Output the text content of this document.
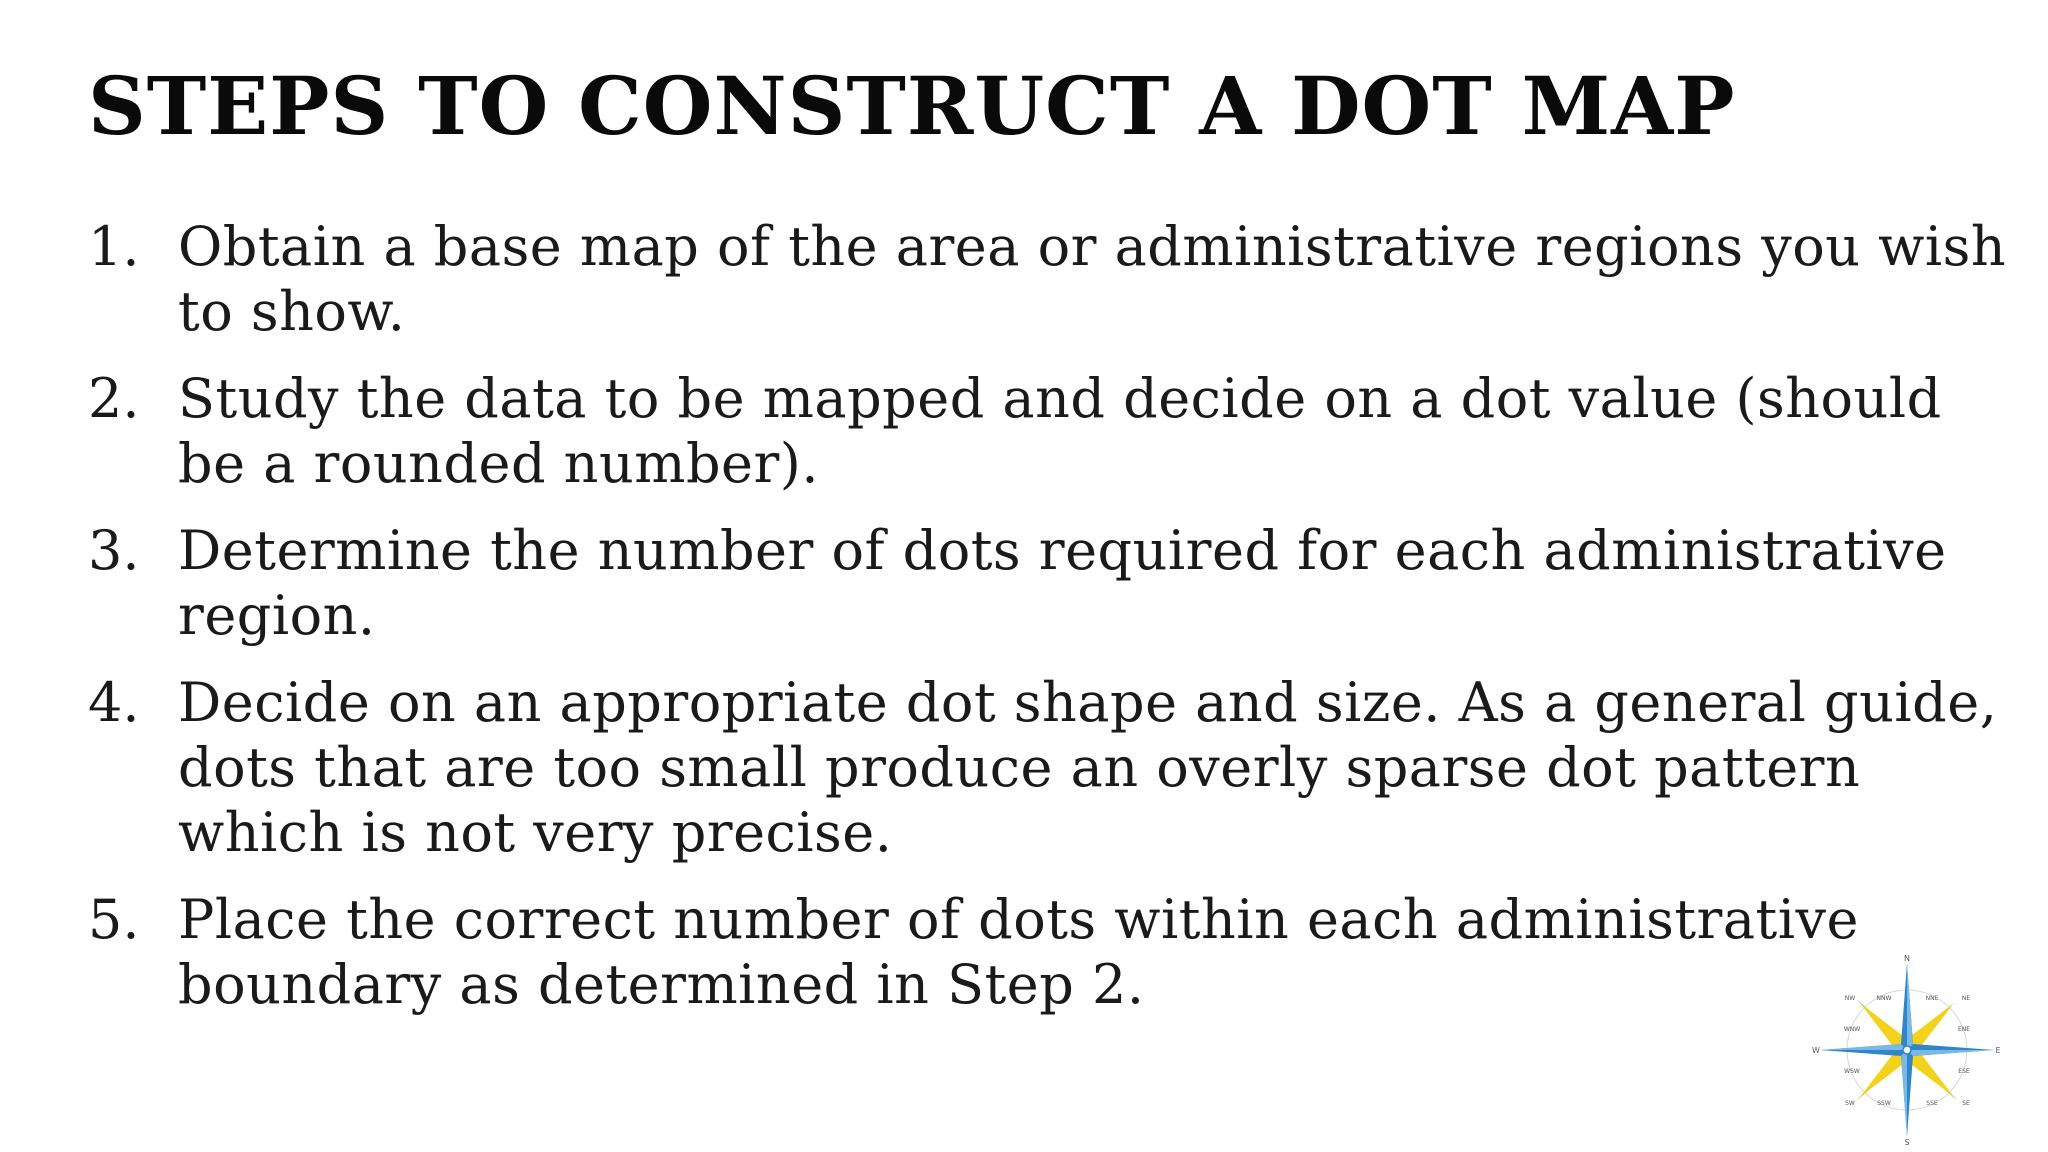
STEPS TO CONSTRUCT A DOT MAP
1. Obtain a base map of the area or administrative regions you wish to show.
2. Study the data to be mapped and decide on a dot value (should be a rounded number).
3. Determine the number of dots required for each administrative region.
4. Decide on an appropriate dot shape and size. As a general guide, dots that are too small produce an overly sparse dot pattern which is not very precise.
5. Place the correct number of dots within each administrative boundary as determined in Step 2.	N
S
E
W
NW	NNW	NNE	NE
WNW	ENE
WSW	ESE
SW	SSW	SSE	SE
